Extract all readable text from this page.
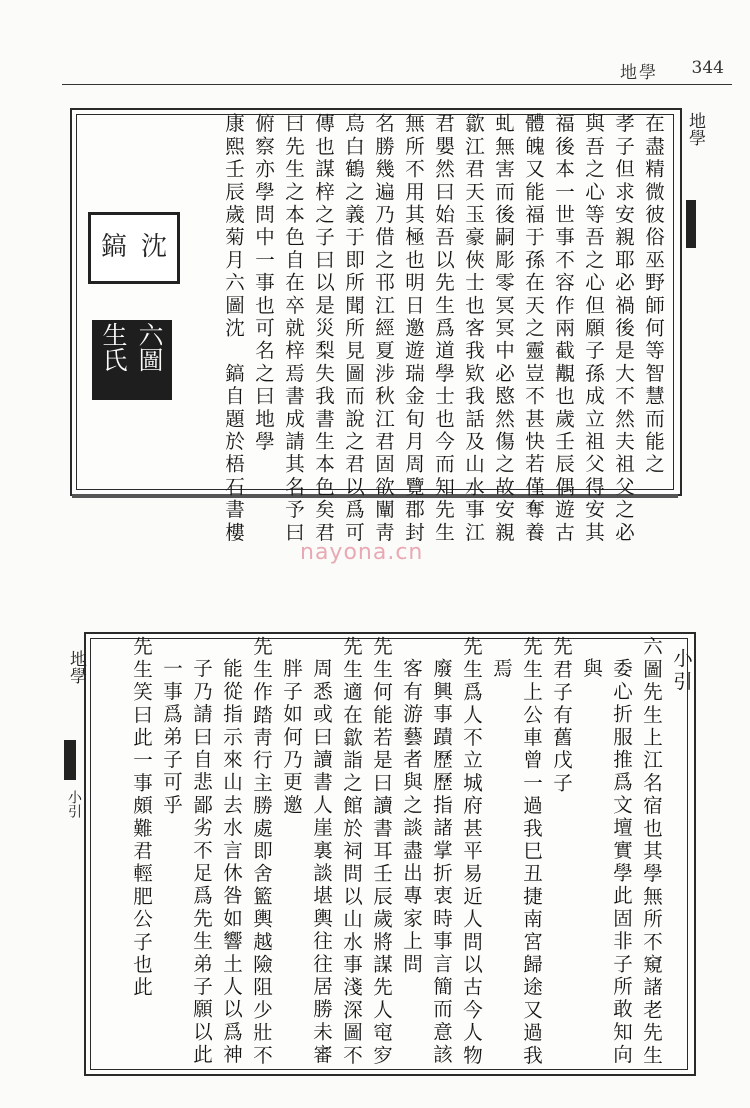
地學 344
地學
在盡精微彼俗巫野師何等智慧而能之
孝子但求安親耶必禍後是大不然夫祖父之必
與吾之心等吾之心但願子孫成立祖父得安其
福後本一世事不容作兩截覯也歲壬辰偶遊古
體魄又能福于孫在天之靈豈不甚快若僅奪養
虬無害而後嗣彫零冥冥中必愍然傷之故安親
歙江君天玉豪俠士也客我欵我話及山水事江
君嬰然曰始吾以先生爲道學士也今而知先生
無所不用其極也明日邀遊瑞金旬月周覽郡封
名勝幾遍乃借之邗江經夏涉秋江君固欲闡靑
烏白鶴之義于即所聞所見圖而說之君以爲可
傳也謀梓之子曰以是災梨失我書生本色矣君
曰先生之本色自在卒就梓焉書成請其名予曰
俯察亦學問中一事也可名之曰地學
康熙壬辰歲菊月六圖沈　鎬自題於梧石書樓
沈
鎬
六圖
生氏
nayona.cn
地學
小引
小引
六圖先生上江名宿也其學無所不窺諸老先生
委心折服推爲文壇實學此固非子所敢知向
與
先君子有舊戊子
先生上公車曾一過我巳丑捷南宮歸途又過我
焉
先生爲人不立城府甚平易近人問以古今人物
廢興事蹟歷歷指諸掌折衷時事言簡而意該
客有游藝者與之談盡出專家上問
先生何能若是曰讀書耳壬辰歲將謀先人窀穸
先生適在歙詣之館於祠問以山水事淺深圖不
周悉或曰讀書人崖裏談堪輿往往居勝未審
胖子如何乃更邀
先生作踏靑行主勝處即舍籃輿越險阻少壯不
能從指示來山去水言休咎如響土人以爲神
子乃請曰自悲鄙劣不足爲先生弟子願以此
一事爲弟子可乎
先生笑曰此一事頗難君輕肥公子也此
